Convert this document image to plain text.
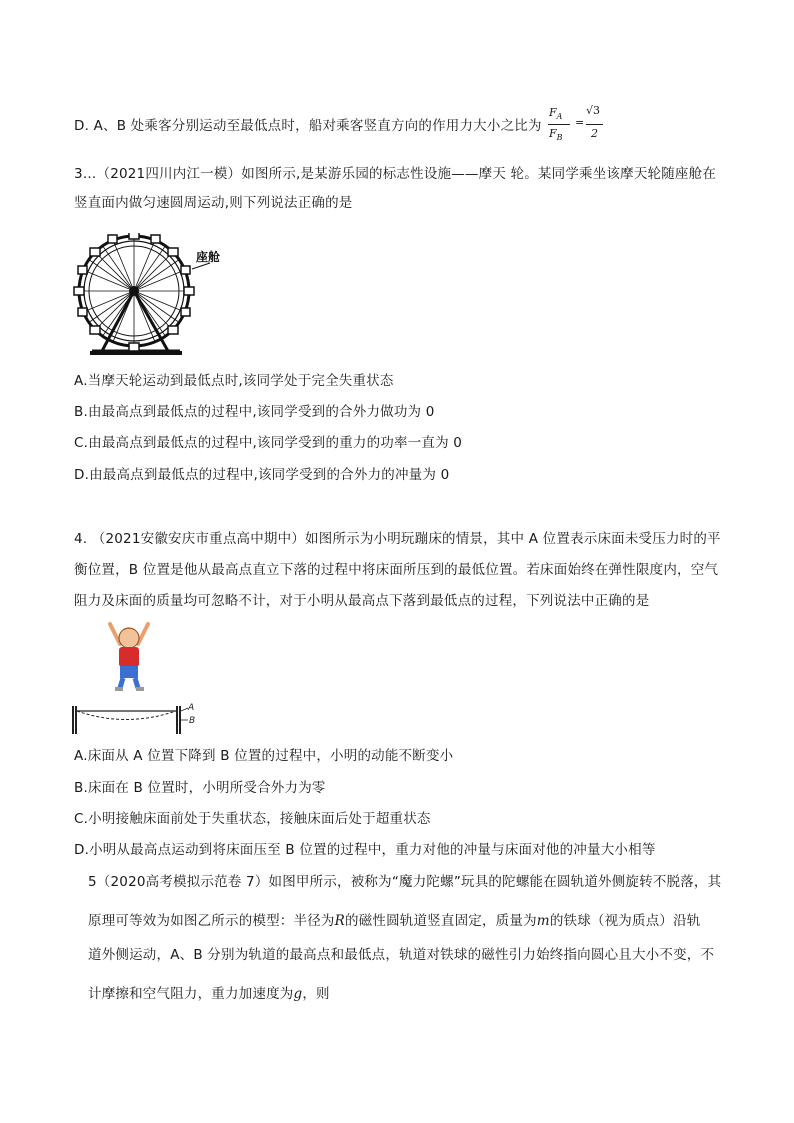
D. A、B 处乘客分别运动至最低点时，船对乘客竖直方向的作用力大小之比为
$F_A$
$F_B$
=
√3
2
3…（2021四川内江一模）如图所示,是某游乐园的标志性设施——摩天 轮。某同学乘坐该摩天轮随座舱在
竖直面内做匀速圆周运动,则下列说法正确的是
座舱
A.当摩天轮运动到最低点时,该同学处于完全失重状态
B.由最高点到最低点的过程中,该同学受到的合外力做功为 0
C.由最高点到最低点的过程中,该同学受到的重力的功率一直为 0
D.由最高点到最低点的过程中,该同学受到的合外力的冲量为 0
4. （2021安徽安庆市重点高中期中）如图所示为小明玩蹦床的情景，其中 A 位置表示床面未受压力时的平
衡位置，B 位置是他从最高点直立下落的过程中将床面所压到的最低位置。若床面始终在弹性限度内，空气
阻力及床面的质量均可忽略不计，对于小明从最高点下落到最低点的过程，下列说法中正确的是
A
B
A.床面从 A 位置下降到 B 位置的过程中，小明的动能不断变小
B.床面在 B 位置时，小明所受合外力为零
C.小明接触床面前处于失重状态，接触床面后处于超重状态
D.小明从最高点运动到将床面压至 B 位置的过程中，重力对他的冲量与床面对他的冲量大小相等
5（2020高考模拟示范卷 7）如图甲所示，被称为“魔力陀螺”玩具的陀螺能在圆轨道外侧旋转不脱落，其
原理可等效为如图乙所示的模型：半径为R的磁性圆轨道竖直固定，质量为m的铁球（视为质点）沿轨
道外侧运动，A、B 分别为轨道的最高点和最低点，轨道对铁球的磁性引力始终指向圆心且大小不变，不
计摩擦和空气阻力，重力加速度为g，则
